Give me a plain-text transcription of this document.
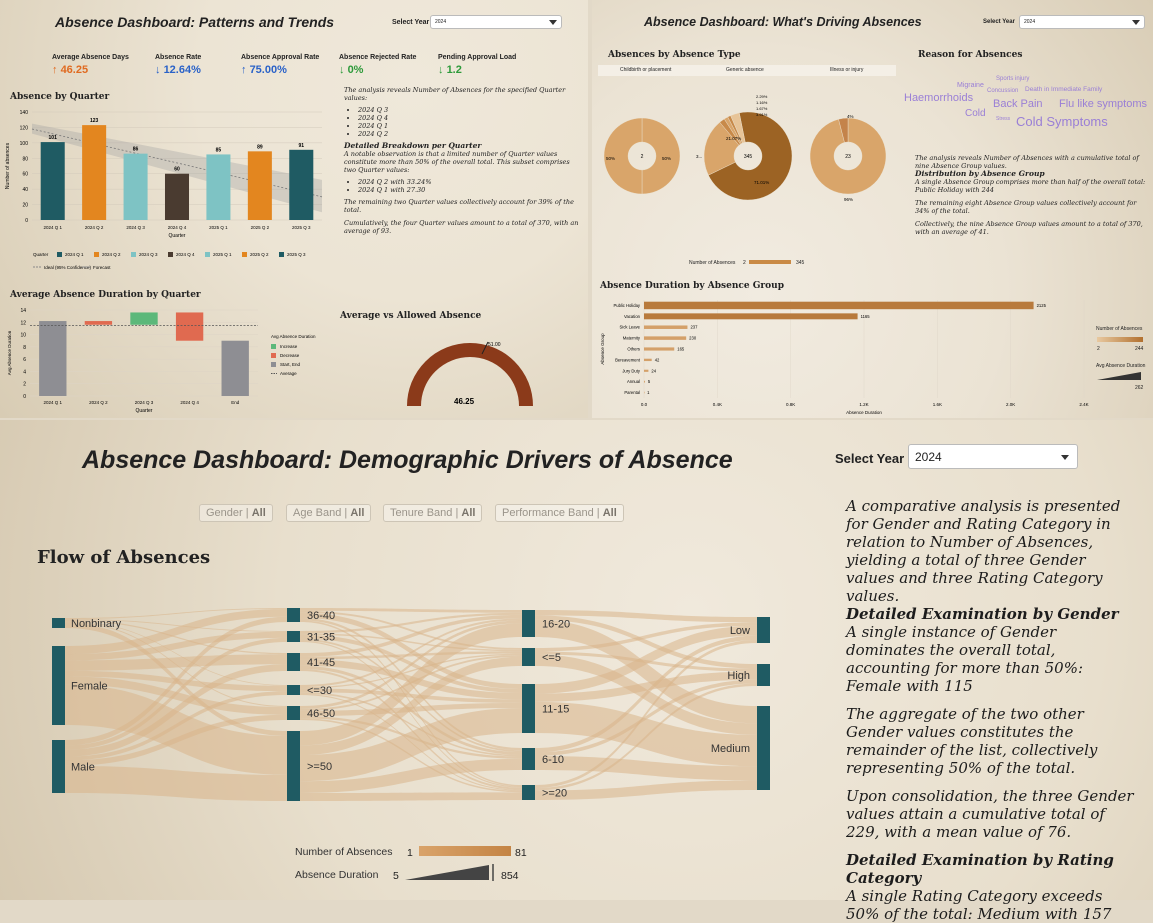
Absence Dashboard: Patterns and Trends	Select Year 2024
Average Absence Days
↑ 46.25
Absence Rate
↓ 12.64%
Absence Approval Rate
↑ 75.00%
Absence Rejected Rate
↓ 0%
Pending Approval Load
↓ 1.2
Absence by Quarter
0
20
40
60
80
100
120
140
101
2024 Q 1
123
2024 Q 2
86
2024 Q 3
60
2024 Q 4
85
2025 Q 1
89
2025 Q 2
91
2025 Q 3
Quarter
Number of absences
Quarter	2024 Q 1	2024 Q 2	2024 Q 3	2024 Q 4	2025 Q 1	2025 Q 2	2025 Q 3
Ideal (95% Confidence) Forecast
Average Absence Duration by Quarter
0
2
4
6
8
10
12
14
2024 Q 1	2024 Q 2	2024 Q 3	2024 Q 4	End
Quarter
Avg Absence Duration	Avg Absence Duration
Increase
Decrease
Start, End
Average
The analysis reveals Number of Absences for the specified Quarter values:
• 2024 Q 3
• 2024 Q 4
• 2024 Q 1
• 2024 Q 2
Detailed Breakdown per Quarter
A notable observation is that a limited number of Quarter values constitute more than 50% of the overall total. This subset comprises two Quarter values:
• 2024 Q 2 with 33.24%
• 2024 Q 1 with 27.30
The remaining two Quarter values collectively account for 39% of the total.
Cumulatively, the four Quarter values amount to a total of 370, with an average of 93.
Average vs Allowed Absence
51.00
46.25
Absence Dashboard: What's Driving Absences	Select Year 2024
Absences by Absence Type
Childbirth or placement	Generic absence	Illness or injury
2	345	23
50%	50%
71.01%
21.07%
3...
2.29%
1.16%
1.67%
3.91%
96%
4%
Number of Absences 2	345
Reason for Absences
Migraine
Sports injury
Concussion Death in Immediate Family
Haemorrhoids Back Pain Flu like symptoms
Cold Stress Cold Symptoms
The analysis reveals Number of Absences with a cumulative total of nine Absence Group values.
Distribution by Absence Group
A single Absence Group comprises more than half of the overall total: Public Holiday with 244
The remaining eight Absence Group values collectively account for 34% of the total.
Collectively, the nine Absence Group values amount to a total of 370, with an average of 41.
Absence Duration by Absence Group
0.0	0.4K	0.8K	1.2K	1.6K	2.0K	2.4K
Public Holiday	2125
Vacation	1165
Sick Leave	237
Maternity	230
Others	165
Bereavement	42
Jury Duty	24
Annual 5
Parental 1
Absence Duration
Absence Group
Number of Absences
2	244
Avg Absence Duration
262
Absence Dashboard: Demographic Drivers of Absence	Select Year 2024
Gender | All	Age Band | All	Tenure Band | All	Performance Band | All
Flow of Absences
Nonbinary
Female
Male
36-40
31-35
41-45
<=30
46-50
>=50
16-20
<=5
11-15
6-10
>=20
Low
High
Medium
Number of Absences 1	81
Absence Duration 5	854
A comparative analysis is presented for Gender and Rating Category in relation to Number of Absences, yielding a total of three Gender values and three Rating Category values.
Detailed Examination by Gender
A single instance of Gender dominates the overall total, accounting for more than 50%: Female with 115
The aggregate of the two other Gender values constitutes the remainder of the list, collectively representing 50% of the total.
Upon consolidation, the three Gender values attain a cumulative total of 229, with a mean value of 76.
Detailed Examination by Rating Category
A single Rating Category exceeds 50% of the total: Medium with 157
